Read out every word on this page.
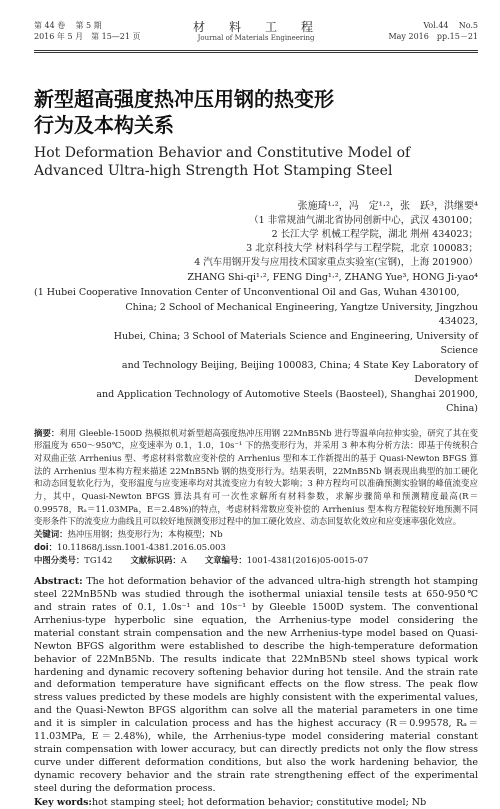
第 44 卷 第 5 期
2016 年 5 月　第 15—21 页
材　料　工　程
Journal of Materials Engineering
Vol.44 No.5
May 2016　pp.15－21
新型超高强度热冲压用钢的热变形
行为及本构关系
Hot Deformation Behavior and Constitutive Model of
Advanced Ultra-high Strength Hot Stamping Steel
张施琦¹·²，冯　定¹·²，张　跃³，洪继要⁴
（1 非常规油气湖北省协同创新中心，武汉 430100；
2 长江大学 机械工程学院，湖北 荆州 434023；
3 北京科技大学 材料科学与工程学院，北京 100083；
4 汽车用钢开发与应用技术国家重点实验室(宝钢)，上海 201900）
ZHANG Shi-qi¹·², FENG Ding¹·², ZHANG Yue³, HONG Ji-yao⁴
(1 Hubei Cooperative Innovation Center of Unconventional Oil and Gas, Wuhan 430100,
China; 2 School of Mechanical Engineering, Yangtze University, Jingzhou 434023,
Hubei, China; 3 School of Materials Science and Engineering, University of Science
and Technology Beijing, Beijing 100083, China; 4 State Key Laboratory of Development
and Application Technology of Automotive Steels (Baosteel), Shanghai 201900, China)
摘要：利用 Gleeble-1500D 热模拟机对新型超高强度热冲压用钢 22MnB5Nb 进行等温单向拉伸实验，研究了其在变形温度为 650～950℃，应变速率为 0.1，1.0，10s⁻¹ 下的热变形行为，并采用 3 种本构分析方法：即基于传统积合对双曲正弦 Arrhenius 型、考虑材料常数应变补偿的 Arrhenius 型和本工作新提出的基于 Quasi-Newton BFGS 算法的 Arrhenius 型本构方程来描述 22MnB5Nb 钢的热变形行为。结果表明，22MnB5Nb 钢表现出典型的加工硬化和动态回复软化行为，变形温度与应变速率均对其流变应力有较大影响；3 种方程均可以准确预测实验钢的峰值流变应力，其中，Quasi-Newton BFGS 算法具有可一次性求解所有材料参数，求解步骤简单和预测精度最高(R＝0.99578，Rₐ＝11.03MPa，E＝2.48%)的特点，考虑材料常数应变补偿的 Arrhenius 型本构方程能较好地预测不同变形条件下的流变应力曲线且可以较好地预测变形过程中的加工硬化效应、动态回复软化效应和应变速率强化效应。
关键词：热冲压用钢；热变形行为；本构模型；Nb
doi：10.11868/j.issn.1001-4381.2016.05.003
中图分类号：TG142 文献标识码：A 文章编号：1001-4381(2016)05-0015-07
Abstract: The hot deformation behavior of the advanced ultra-high strength hot stamping steel 22MnB5Nb was studied through the isothermal uniaxial tensile tests at 650-950℃ and strain rates of 0.1, 1.0s⁻¹ and 10s⁻¹ by Gleeble 1500D system. The conventional Arrhenius-type hyperbolic sine equation, the Arrhenius-type model considering the material constant strain compensation and the new Arrhenius-type model based on Quasi-Newton BFGS algorithm were established to describe the high-temperature deformation behavior of 22MnB5Nb. The results indicate that 22MnB5Nb steel shows typical work hardening and dynamic recovery softening behavior during hot tensile. And the strain rate and deformation temperature have significant effects on the flow stress. The peak flow stress values predicted by these models are highly consistent with the experimental values, and the Quasi-Newton BFGS algorithm can solve all the material parameters in one time and it is simpler in calculation process and has the highest accuracy (R＝0.99578, Rₐ＝11.03MPa, E＝2.48%), while, the Arrhenius-type model considering material constant strain compensation with lower accuracy, but can directly predicts not only the flow stress curve under different deformation conditions, but also the work hardening behavior, the dynamic recovery behavior and the strain rate strengthening effect of the experimental steel during the deformation process.
Key words:hot stamping steel; hot deformation behavior; constitutive model; Nb
